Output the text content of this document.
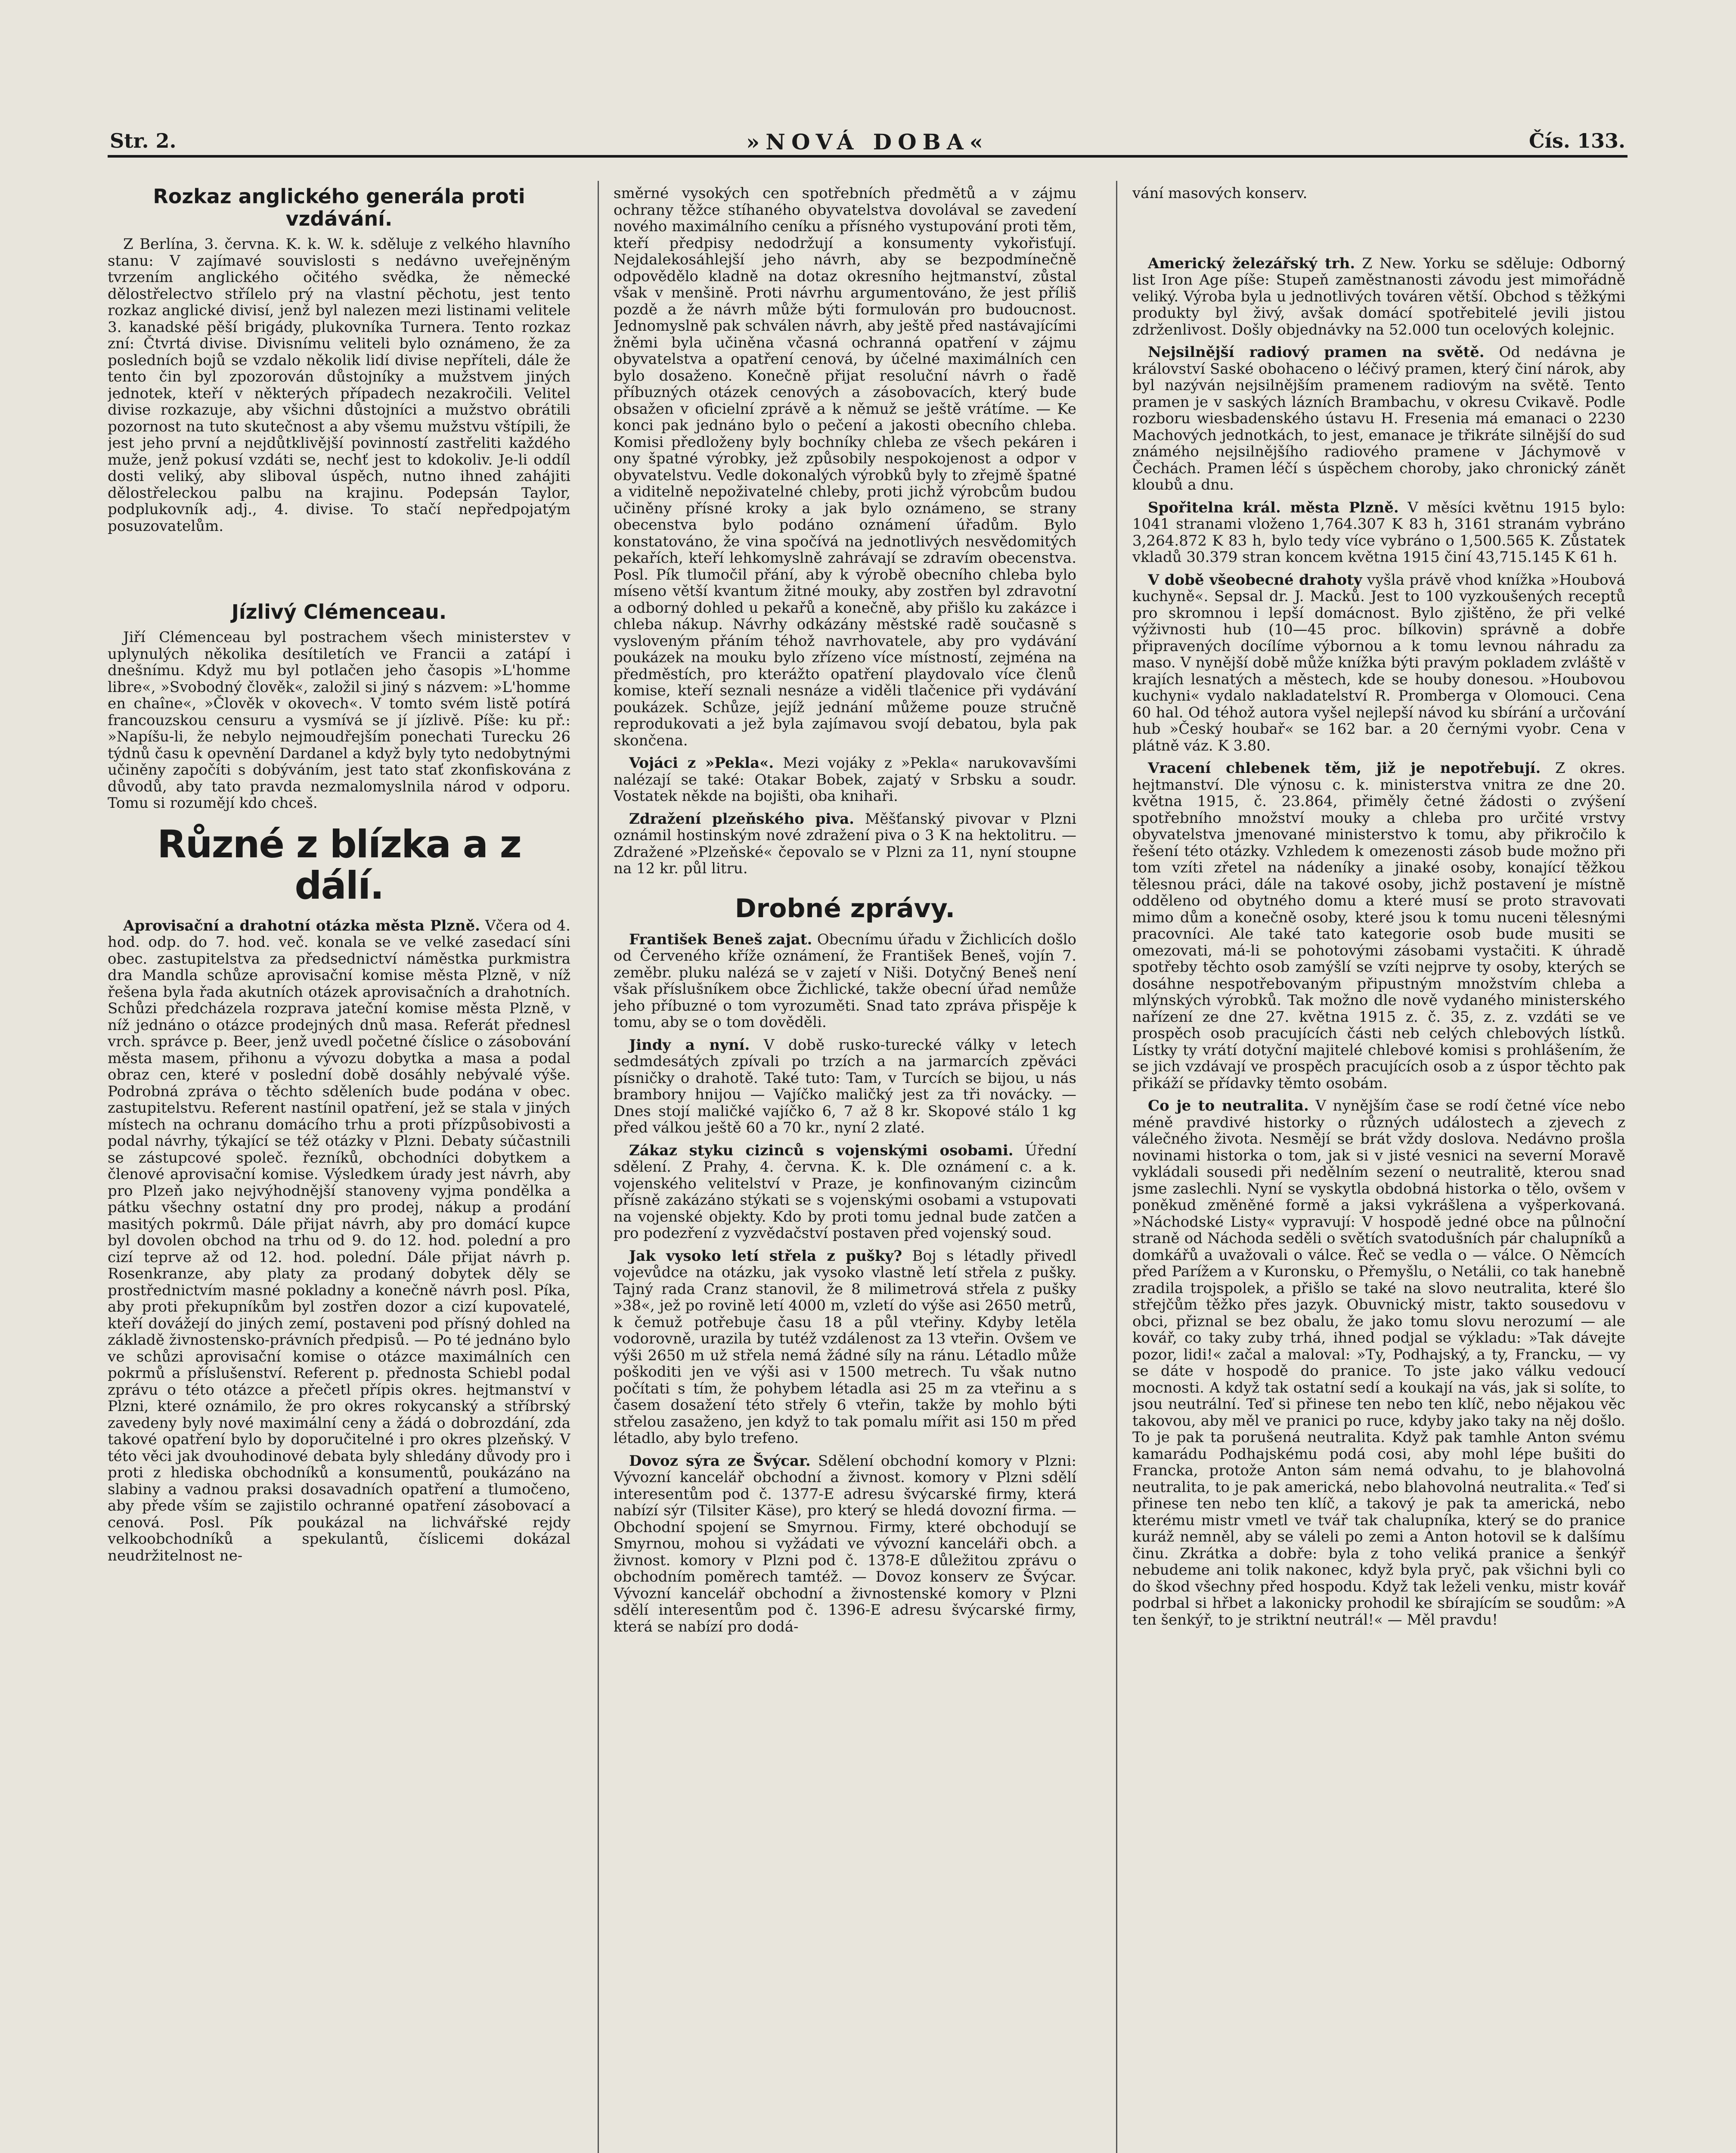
Str. 2.	»NOVÁ DOBA«	Čís. 133.
Rozkaz anglického generála proti vzdávání.

Z Berlína, 3. června. K. k. W. k. sděluje z velkého hlavního stanu: V zajímavé souvislosti s nedávno uveřejněným tvrzením anglického očitého svědka, že německé dělostřelectvo střílelo prý na vlastní pěchotu, jest tento rozkaz anglické divisí, jenž byl nalezen mezi listinami velitele 3. kanadské pěší brigády, plukovníka Turnera. Tento rozkaz zní: Čtvrtá divise. Divisnímu veliteli bylo oznámeno, že za posledních bojů se vzdalo několik lidí divise nepříteli, dále že tento čin byl zpozorován důstojníky a mužstvem jiných jednotek, kteří v některých případech nezakročili. Velitel divise rozkazuje, aby všichni důstojníci a mužstvo obrátili pozornost na tuto skutečnost a aby všemu mužstvu vštípili, že jest jeho první a nejdůtklivější povinností zastřeliti každého muže, jenž pokusí vzdáti se, nechť jest to kdokoliv. Je-li oddíl dosti veliký, aby sliboval úspěch, nutno ihned zahájiti dělostřeleckou palbu na krajinu. Podepsán Taylor, podplukovník adj., 4. divise. To stačí nepředpojatým posuzovatelům.

Jízlivý Clémenceau.

Jiří Clémenceau byl postrachem všech ministerstev v uplynulých několika desítiletích ve Francii a zatápí i dnešnímu. Když mu byl potlačen jeho časopis »L'homme libre«, »Svobodný člověk«, založil si jiný s názvem: »L'homme en chaîne«, »Člověk v okovech«. V tomto svém listě potírá francouzskou censuru a vysmívá se jí jízlivě. Píše: ku př.: »Napíšu-li, že nebylo nejmoudřejším ponechati Turecku 26 týdnů času k opevnění Dardanel a když byly tyto nedobytnými učiněny započíti s dobýváním, jest tato stať zkonfiskována z důvodů, aby tato pravda nezmalomyslnila národ v odporu. Tomu si rozumějí kdo chceš.

Různé z blízka a z dálí.

Aprovisační a drahotní otázka města Plzně. Včera od 4. hod. odp. do 7. hod. več. konala se ve velké zasedací síni obec. zastupitelstva za předsednictví náměstka purkmistra dra Mandla schůze aprovisační komise města Plzně, v níž řešena byla řada akutních otázek aprovisačních a drahotních. Schůzi předcházela rozprava jateční komise města Plzně, v níž jednáno o otázce prodejných dnů masa. Referát přednesl vrch. správce p. Beer, jenž uvedl početné číslice o zásobování města masem, přihonu a vývozu dobytka a masa a podal obraz cen, které v poslední době dosáhly nebývalé výše. Podrobná zpráva o těchto sděleních bude podána v obec. zastupitelstvu. Referent nastínil opatření, jež se stala v jiných místech na ochranu domácího trhu a proti přízpůsobivosti a podal návrhy, týkající se též otázky v Plzni. Debaty súčastnili se zástupcové společ. řezníků, obchodníci dobytkem a členové aprovisační komise. Výsledkem úrady jest návrh, aby pro Plzeň jako nejvýhodnější stanoveny vyjma pondělka a pátku všechny ostatní dny pro prodej, nákup a prodání masitých pokrmů. Dále přijat návrh, aby pro domácí kupce byl dovolen obchod na trhu od 9. do 12. hod. polední a pro cizí teprve až od 12. hod. polední. Dále přijat návrh p. Rosenkranze, aby platy za prodaný dobytek děly se prostřednictvím masné pokladny a konečně návrh posl. Píka, aby proti překupníkům byl zostřen dozor a cizí kupovatelé, kteří dovážejí do jiných zemí, postaveni pod přísný dohled na základě živnostensko-právních předpisů. — Po té jednáno bylo ve schůzi aprovisační komise o otázce maximálních cen pokrmů a příslušenství. Referent p. přednosta Schiebl podal zprávu o této otázce a přečetl přípis okres. hejtmanství v Plzni, které oznámilo, že pro okres rokycanský a stříbrský zavedeny byly nové maximální ceny a žádá o dobrozdání, zda takové opatření bylo by doporučitelné i pro okres plzeňský. V této věci jak dvouhodinové debata byly shledány důvody pro i proti z hlediska obchodníků a konsumentů, poukázáno na slabiny a vadnou praksi dosavadních opatření a tlumočeno, aby přede vším se zajistilo ochranné opatření zásobovací a cenová. Posl. Pík poukázal na lichvářské rejdy velkoobchodníků a spekulantů, číslicemi dokázal neudržitelnost ne-

směrné vysokých cen spotřebních předmětů a v zájmu ochrany těžce stíhaného obyvatelstva dovolával se zavedení nového maximálního ceníku a přísného vystupování proti těm, kteří předpisy nedodržují a konsumenty vykořisťují. Nejdalekosáhlejší jeho návrh, aby se bezpodmínečně odpovědělo kladně na dotaz okresního hejtmanství, zůstal však v menšině. Proti návrhu argumentováno, že jest příliš pozdě a že návrh může býti formulován pro budoucnost. Jednomyslně pak schválen návrh, aby ještě před nastávajícími žněmi byla učiněna včasná ochranná opatření v zájmu obyvatelstva a opatření cenová, by účelné maximálních cen bylo dosaženo. Konečně přijat resoluční návrh o řadě příbuzných otázek cenových a zásobovacích, který bude obsažen v oficielní zprávě a k němuž se ještě vrátíme. — Ke konci pak jednáno bylo o pečení a jakosti obecního chleba. Komisi předloženy byly bochníky chleba ze všech pekáren i ony špatné výrobky, jež způsobily nespokojenost a odpor v obyvatelstvu. Vedle dokonalých výrobků byly to zřejmě špatné a viditelně nepoživatelné chleby, proti jichž výrobcům budou učiněny přísné kroky a jak bylo oznámeno, se strany obecenstva bylo podáno oznámení úřadům. Bylo konstatováno, že vina spočívá na jednotlivých nesvědomitých pekařích, kteří lehkomyslně zahrávají se zdravím obecenstva. Posl. Pík tlumočil přání, aby k výrobě obecního chleba bylo míseno větší kvantum žitné mouky, aby zostřen byl zdravotní a odborný dohled u pekařů a konečně, aby přišlo ku zakázce i chleba nákup. Návrhy odkázány městské radě současně s vysloveným přáním téhož navrhovatele, aby pro vydávání poukázek na mouku bylo zřízeno více místností, zejména na předměstích, pro kterážto opatření playdovalo více členů komise, kteří seznali nesnáze a viděli tlačenice při vydávání poukázek. Schůze, jejíž jednání můžeme pouze stručně reprodukovati a jež byla zajímavou svojí debatou, byla pak skončena.

Vojáci z »Pekla«. Mezi vojáky z »Pekla« narukovavšími nalézají se také: Otakar Bobek, zajatý v Srbsku a soudr. Vostatek někde na bojišti, oba knihaři.

Zdražení plzeňského piva. Měšťanský pivovar v Plzni oznámil hostinským nové zdražení piva o 3 K na hektolitru. — Zdražené »Plzeňské« čepovalo se v Plzni za 11, nyní stoupne na 12 kr. půl litru.

Drobné zprávy.

František Beneš zajat. Obecnímu úřadu v Žichlicích došlo od Červeného kříže oznámení, že František Beneš, vojín 7. zeměbr. pluku nalézá se v zajetí v Niši. Dotyčný Beneš není však příslušníkem obce Žichlické, takže obecní úřad nemůže jeho příbuzné o tom vyrozuměti. Snad tato zpráva přispěje k tomu, aby se o tom dověděli.

Jindy a nyní. V době rusko-turecké války v letech sedmdesátých zpívali po trzích a na jarmarcích zpěváci písničky o drahotě. Také tuto: Tam, v Turcích se bijou, u nás brambory hnijou — Vajíčko maličký jest za tři novácky. — Dnes stojí maličké vajíčko 6, 7 až 8 kr. Skopové stálo 1 kg před válkou ještě 60 a 70 kr., nyní 2 zlaté.

Zákaz styku cizinců s vojenskými osobami. Úřední sdělení. Z Prahy, 4. června. K. k. Dle oznámení c. a k. vojenského velitelství v Praze, je konfinovaným cizincům přísně zakázáno stýkati se s vojenskými osobami a vstupovati na vojenské objekty. Kdo by proti tomu jednal bude zatčen a pro podezření z vyzvědačství postaven před vojenský soud.

Jak vysoko letí střela z pušky? Boj s létadly přivedl vojevůdce na otázku, jak vysoko vlastně letí střela z pušky. Tajný rada Cranz stanovil, že 8 milimetrová střela z pušky »38«, jež po rovině letí 4000 m, vzletí do výše asi 2650 metrů, k čemuž potřebuje času 18 a půl vteřiny. Kdyby letěla vodorovně, urazila by tutéž vzdálenost za 13 vteřin. Ovšem ve výši 2650 m už střela nemá žádné síly na ránu. Létadlo může poškoditi jen ve výši asi v 1500 metrech. Tu však nutno počítati s tím, že pohybem létadla asi 25 m za vteřinu a s časem dosažení této střely 6 vteřin, takže by mohlo býti střelou zasaženo, jen když to tak pomalu mířit asi 150 m před létadlo, aby bylo trefeno.

Dovoz sýra ze Švýcar. Sdělení obchodní komory v Plzni: Vývozní kancelář obchodní a živnost. komory v Plzni sdělí interesentům pod č. 1377-E adresu švýcarské firmy, která nabízí sýr (Tilsiter Käse), pro který se hledá dovozní firma. — Obchodní spojení se Smyrnou. Firmy, které obchodují se Smyrnou, mohou si vyžádati ve vývozní kanceláři obch. a živnost. komory v Plzni pod č. 1378-E důležitou zprávu o obchodním poměrech tamtéž. — Dovoz konserv ze Švýcar. Vývozní kancelář obchodní a živnostenské komory v Plzni sdělí interesentům pod č. 1396-E adresu švýcarské firmy, která se nabízí pro dodá-

vání masových konserv.

Americký železářský trh. Z New. Yorku se sděluje: Odborný list Iron Age píše: Stupeň zaměstnanosti závodu jest mimořádně veliký. Výroba byla u jednotlivých továren větší. Obchod s těžkými produkty byl živý, avšak domácí spotřebitelé jevili jistou zdrženlivost. Došly objednávky na 52.000 tun ocelových kolejnic.

Nejsilnější radiový pramen na světě. Od nedávna je království Saské obohaceno o léčivý pramen, který činí nárok, aby byl nazýván nejsilnějším pramenem radiovým na světě. Tento pramen je v saských lázních Brambachu, v okresu Cvikavě. Podle rozboru wiesbadenského ústavu H. Fresenia má emanaci o 2230 Machových jednotkách, to jest, emanace je třikráte silnější do sud známého nejsilnějšího radiového pramene v Jáchymově v Čechách. Pramen léčí s úspěchem choroby, jako chronický zánět kloubů a dnu.

Spořitelna král. města Plzně. V měsíci květnu 1915 bylo: 1041 stranami vloženo 1,764.307 K 83 h, 3161 stranám vybráno 3,264.872 K 83 h, bylo tedy více vybráno o 1,500.565 K. Zůstatek vkladů 30.379 stran koncem května 1915 činí 43,715.145 K 61 h.

V době všeobecné drahoty vyšla právě vhod knížka »Houbová kuchyně«. Sepsal dr. J. Macků. Jest to 100 vyzkoušených receptů pro skromnou i lepší domácnost. Bylo zjištěno, že při velké výživnosti hub (10—45 proc. bílkovin) správně a dobře připravených docílíme výbornou a k tomu levnou náhradu za maso. V nynější době může knížka býti pravým pokladem zvláště v krajích lesnatých a městech, kde se houby donesou. »Houbovou kuchyni« vydalo nakladatelství R. Promberga v Olomouci. Cena 60 hal. Od téhož autora vyšel nejlepší návod ku sbírání a určování hub »Český houbař« se 162 bar. a 20 černými vyobr. Cena v plátně váz. K 3.80.

Vracení chlebenek těm, již je nepotřebují. Z okres. hejtmanství. Dle výnosu c. k. ministerstva vnitra ze dne 20. května 1915, č. 23.864, přiměly četné žádosti o zvýšení spotřebního množství mouky a chleba pro určité vrstvy obyvatelstva jmenované ministerstvo k tomu, aby přikročilo k řešení této otázky. Vzhledem k omezenosti zásob bude možno při tom vzíti zřetel na nádeníky a jinaké osoby, konající těžkou tělesnou práci, dále na takové osoby, jichž postavení je místně odděleno od obytného domu a které musí se proto stravovati mimo dům a konečně osoby, které jsou k tomu nuceni tělesnými pracovníci. Ale také tato kategorie osob bude musiti se omezovati, má-li se pohotovými zásobami vystačiti. K úhradě spotřeby těchto osob zamýšlí se vzíti nejprve ty osoby, kterých se dosáhne nespotřebovaným připustným množstvím chleba a mlýnských výrobků. Tak možno dle nově vydaného ministerského nařízení ze dne 27. května 1915 z. č. 35, z. z. vzdáti se ve prospěch osob pracujících části neb celých chlebových lístků. Lístky ty vrátí dotyční majitelé chlebové komisi s prohlášením, že se jich vzdávají ve prospěch pracujících osob a z úspor těchto pak přikáží se přídavky těmto osobám.

Co je to neutralita. V nynějším čase se rodí četné více nebo méně pravdivé historky o různých událostech a zjevech z válečného života. Nesmějí se brát vždy doslova. Nedávno prošla novinami historka o tom, jak si v jisté vesnici na severní Moravě vykládali sousedi při nedělním sezení o neutralitě, kterou snad jsme zaslechli. Nyní se vyskytla obdobná historka o tělo, ovšem v poněkud změněné formě a jaksi vykrášlena a vyšperkovaná. »Náchodské Listy« vypravují: V hospodě jedné obce na půlnoční straně od Náchoda seděli o světích svatodušních pár chalupníků a domkářů a uvažovali o válce. Řeč se vedla o — válce. O Němcích před Parížem a v Kuronsku, o Přemyšlu, o Netálii, co tak hanebně zradila trojspolek, a přišlo se také na slovo neutralita, které šlo střejčům těžko přes jazyk. Obuvnický mistr, takto sousedovu v obci, přiznal se bez obalu, že jako tomu slovu nerozumí — ale kovář, co taky zuby trhá, ihned podjal se výkladu: »Tak dávejte pozor, lidi!« začal a maloval: »Ty, Podhajský, a ty, Francku, — vy se dáte v hospodě do pranice. To jste jako válku vedoucí mocnosti. A když tak ostatní sedí a koukají na vás, jak si solíte, to jsou neutrální. Teď si přinese ten nebo ten klíč, nebo nějakou věc takovou, aby měl ve pranici po ruce, kdyby jako taky na něj došlo. To je pak ta porušená neutralita. Když pak tamhle Anton svému kamarádu Podhajskému podá cosi, aby mohl lépe bušiti do Francka, protože Anton sám nemá odvahu, to je blahovolná neutralita, to je pak americká, nebo blahovolná neutralita.« Teď si přinese ten nebo ten klíč, a takový je pak ta americká, nebo kterému mistr vmetl ve tvář tak chalupníka, který se do pranice kuráž nemněl, aby se váleli po zemi a Anton hotovil se k dalšímu činu. Zkrátka a dobře: byla z toho veliká pranice a šenkýř nebudeme ani tolik nakonec, když byla pryč, pak všichni byli co do škod všechny před hospodu. Když tak leželi venku, mistr kovář podrbal si hřbet a lakonicky prohodil ke sbírajícím se soudům: »A ten šenkýř, to je striktní neutrál!« — Měl pravdu!
